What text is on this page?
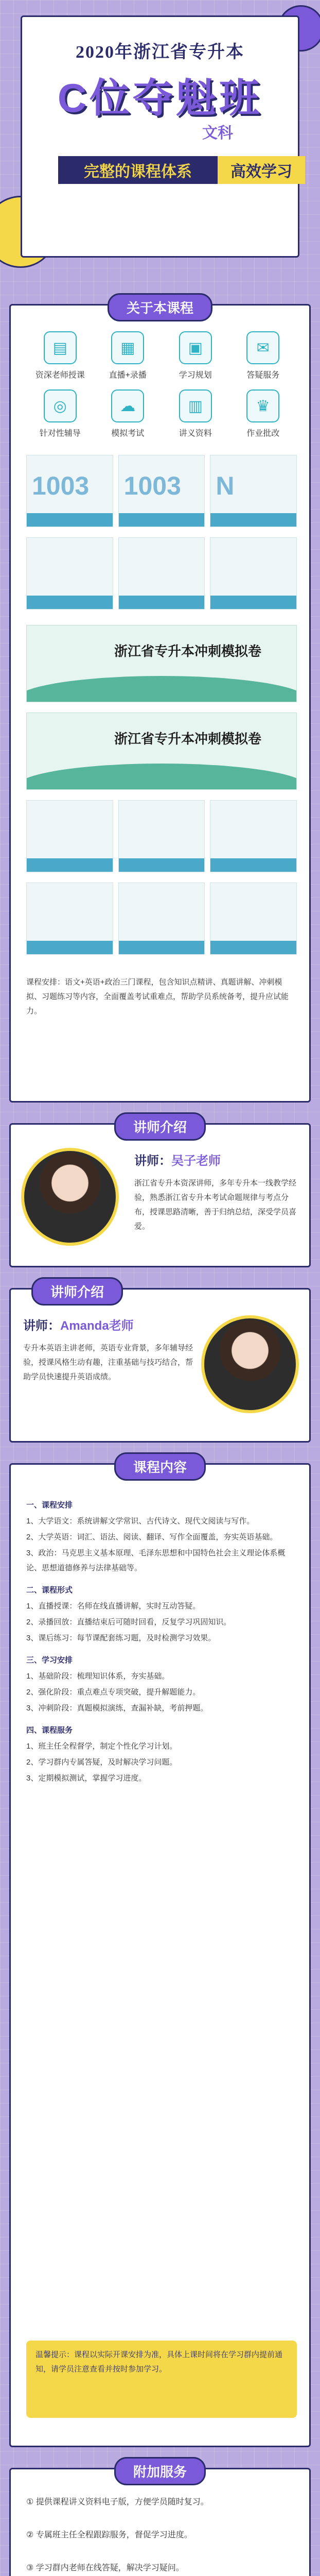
2020年浙江省专升本
C位夺魁班
文科
完整的课程体系	高效学习
关于本课程
▤
资深老师授课
▦
直播+录播
▣
学习规划
✉
答疑服务
◎
针对性辅导
☁
模拟考试
▥
讲义资料
♛
作业批改
1003 1003 N
浙江省专升本冲刺模拟卷
浙江省专升本冲刺模拟卷
课程安排：语文+英语+政治三门课程，包含知识点精讲、真题讲解、冲刺模拟、习题练习等内容，全面覆盖考试重难点，帮助学员系统备考，提升应试能力。
讲师介绍
讲师：吴子老师
浙江省专升本资深讲师，多年专升本一线教学经验，熟悉浙江省专升本考试命题规律与考点分布，授课思路清晰，善于归纳总结，深受学员喜爱。
讲师介绍
讲师：Amanda老师
专升本英语主讲老师，英语专业背景，多年辅导经验，授课风格生动有趣，注重基础与技巧结合，帮助学员快速提升英语成绩。
课程内容

一、课程安排

1、大学语文：系统讲解文学常识、古代诗文、现代文阅读与写作。

2、大学英语：词汇、语法、阅读、翻译、写作全面覆盖，夯实英语基础。

3、政治：马克思主义基本原理、毛泽东思想和中国特色社会主义理论体系概论、思想道德修养与法律基础等。

二、课程形式

1、直播授课：名师在线直播讲解，实时互动答疑。

2、录播回放：直播结束后可随时回看，反复学习巩固知识。

3、课后练习：每节课配套练习题，及时检测学习效果。

三、学习安排

1、基础阶段：梳理知识体系，夯实基础。

2、强化阶段：重点难点专项突破，提升解题能力。

3、冲刺阶段：真题模拟演练，查漏补缺，考前押题。

四、课程服务

1、班主任全程督学，制定个性化学习计划。

2、学习群内专属答疑，及时解决学习问题。

3、定期模拟测试，掌握学习进度。

温馨提示：课程以实际开课安排为准，具体上课时间将在学习群内提前通知，请学员注意查看并按时参加学习。
附加服务
① 提供课程讲义资料电子版，方便学员随时复习。
② 专属班主任全程跟踪服务，督促学习进度。
③ 学习群内老师在线答疑，解决学习疑问。
